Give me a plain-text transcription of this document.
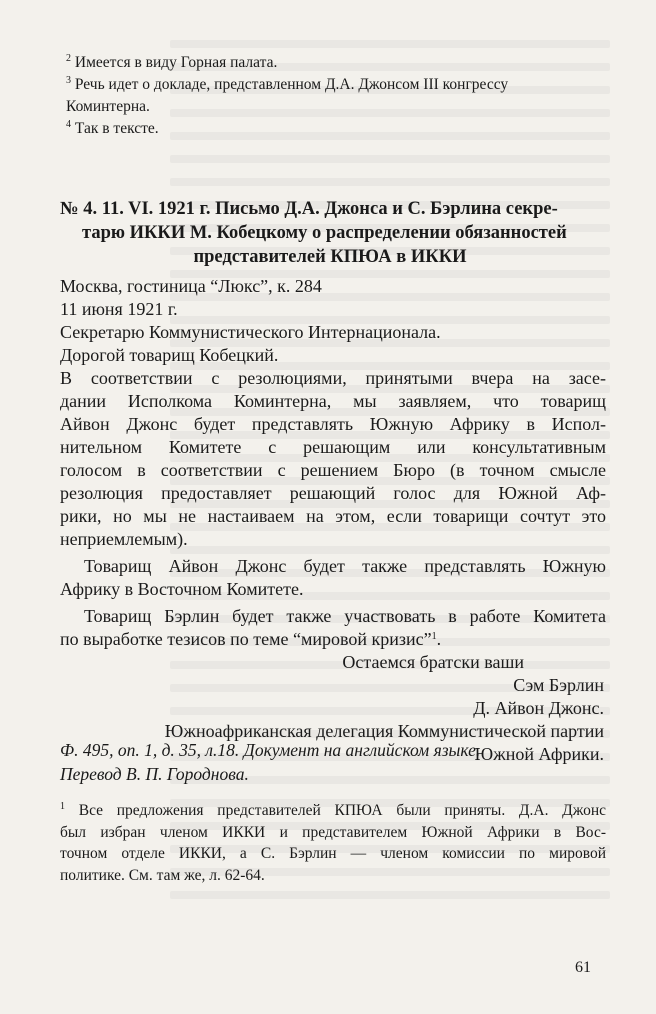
$^2$ Имеется в виду Горная палата.
$^3$ Речь идет о докладе, представленном Д.А. Джонсом III конгрессу
Коминтерна.
$^4$ Так в тексте.
№ 4. 11. VI. 1921 г. Письмо Д.А. Джонса и С. Бэрлина секре-
тарю ИККИ М. Кобецкому о распределении обязанностей
представителей КПЮА в ИККИ
Москва, гостиница “Люкс”, к. 284
11 июня 1921 г.
Секретарю Коммунистического Интернационала.
Дорогой товарищ Кобецкий.
В соответствии с резолюциями, принятыми вчера на засе-
дании Исполкома Коминтерна, мы заявляем, что товарищ
Айвон Джонс будет представлять Южную Африку в Испол-
нительном Комитете с решающим или консультативным
голосом в соответствии с решением Бюро (в точном смысле
резолюция предоставляет решающий голос для Южной Аф-
рики, но мы не настаиваем на этом, если товарищи сочтут это
неприемлемым).
Товарищ Айвон Джонс будет также представлять Южную
Африку в Восточном Комитете.
Товарищ Бэрлин будет также участвовать в работе Комитета
по выработке тезисов по теме “мировой кризис”$^1$.
Остаемся братски ваши
Сэм Бэрлин
Д. Айвон Джонс.
Южноафриканская делегация Коммунистической партии
Южной Африки.
Ф. 495, оп. 1, д. 35, л.18. Документ на английском языке.
Перевод В. П. Городнова.
$^1$ Все предложения представителей КПЮА были приняты. Д.А. Джонс
был избран членом ИККИ и представителем Южной Африки в Вос-
точном отделе ИККИ, а С. Бэрлин — членом комиссии по мировой
политике. См. там же, л. 62-64.
61
